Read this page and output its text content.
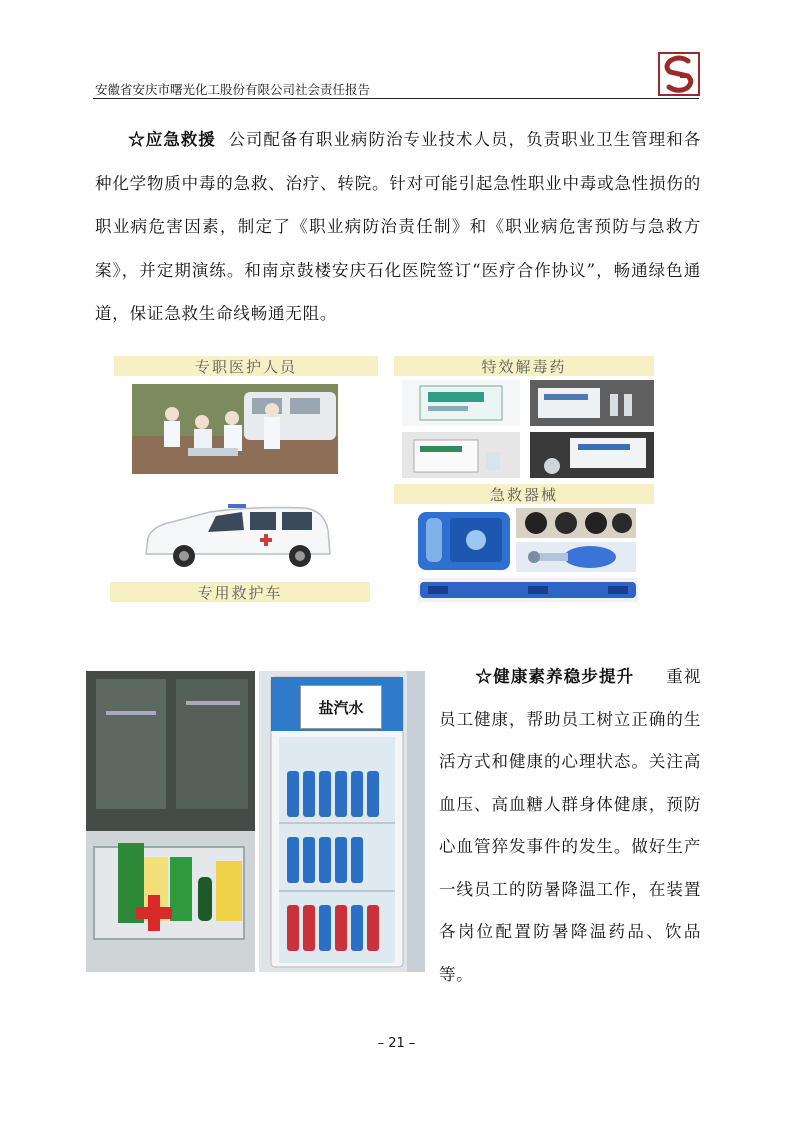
安徽省安庆市曙光化工股份有限公司社会责任报告
☆应急救援 公司配备有职业病防治专业技术人员，负责职业卫生管理和各种化学物质中毒的急救、治疗、转院。针对可能引起急性职业中毒或急性损伤的职业病危害因素，制定了《职业病防治责任制》和《职业病危害预防与急救方案》，并定期演练。和南京鼓楼安庆石化医院签订“医疗合作协议”，畅通绿色通道，保证急救生命线畅通无阻。
专职医护人员
专用救护车
特效解毒药
急救器械
盐汽水
☆健康素养稳步提升 重视员工健康，帮助员工树立正确的生活方式和健康的心理状态。关注高血压、高血糖人群身体健康，预防心血管猝发事件的发生。做好生产一线员工的防暑降温工作，在装置各岗位配置防暑降温药品、饮品等。
– 21 –
